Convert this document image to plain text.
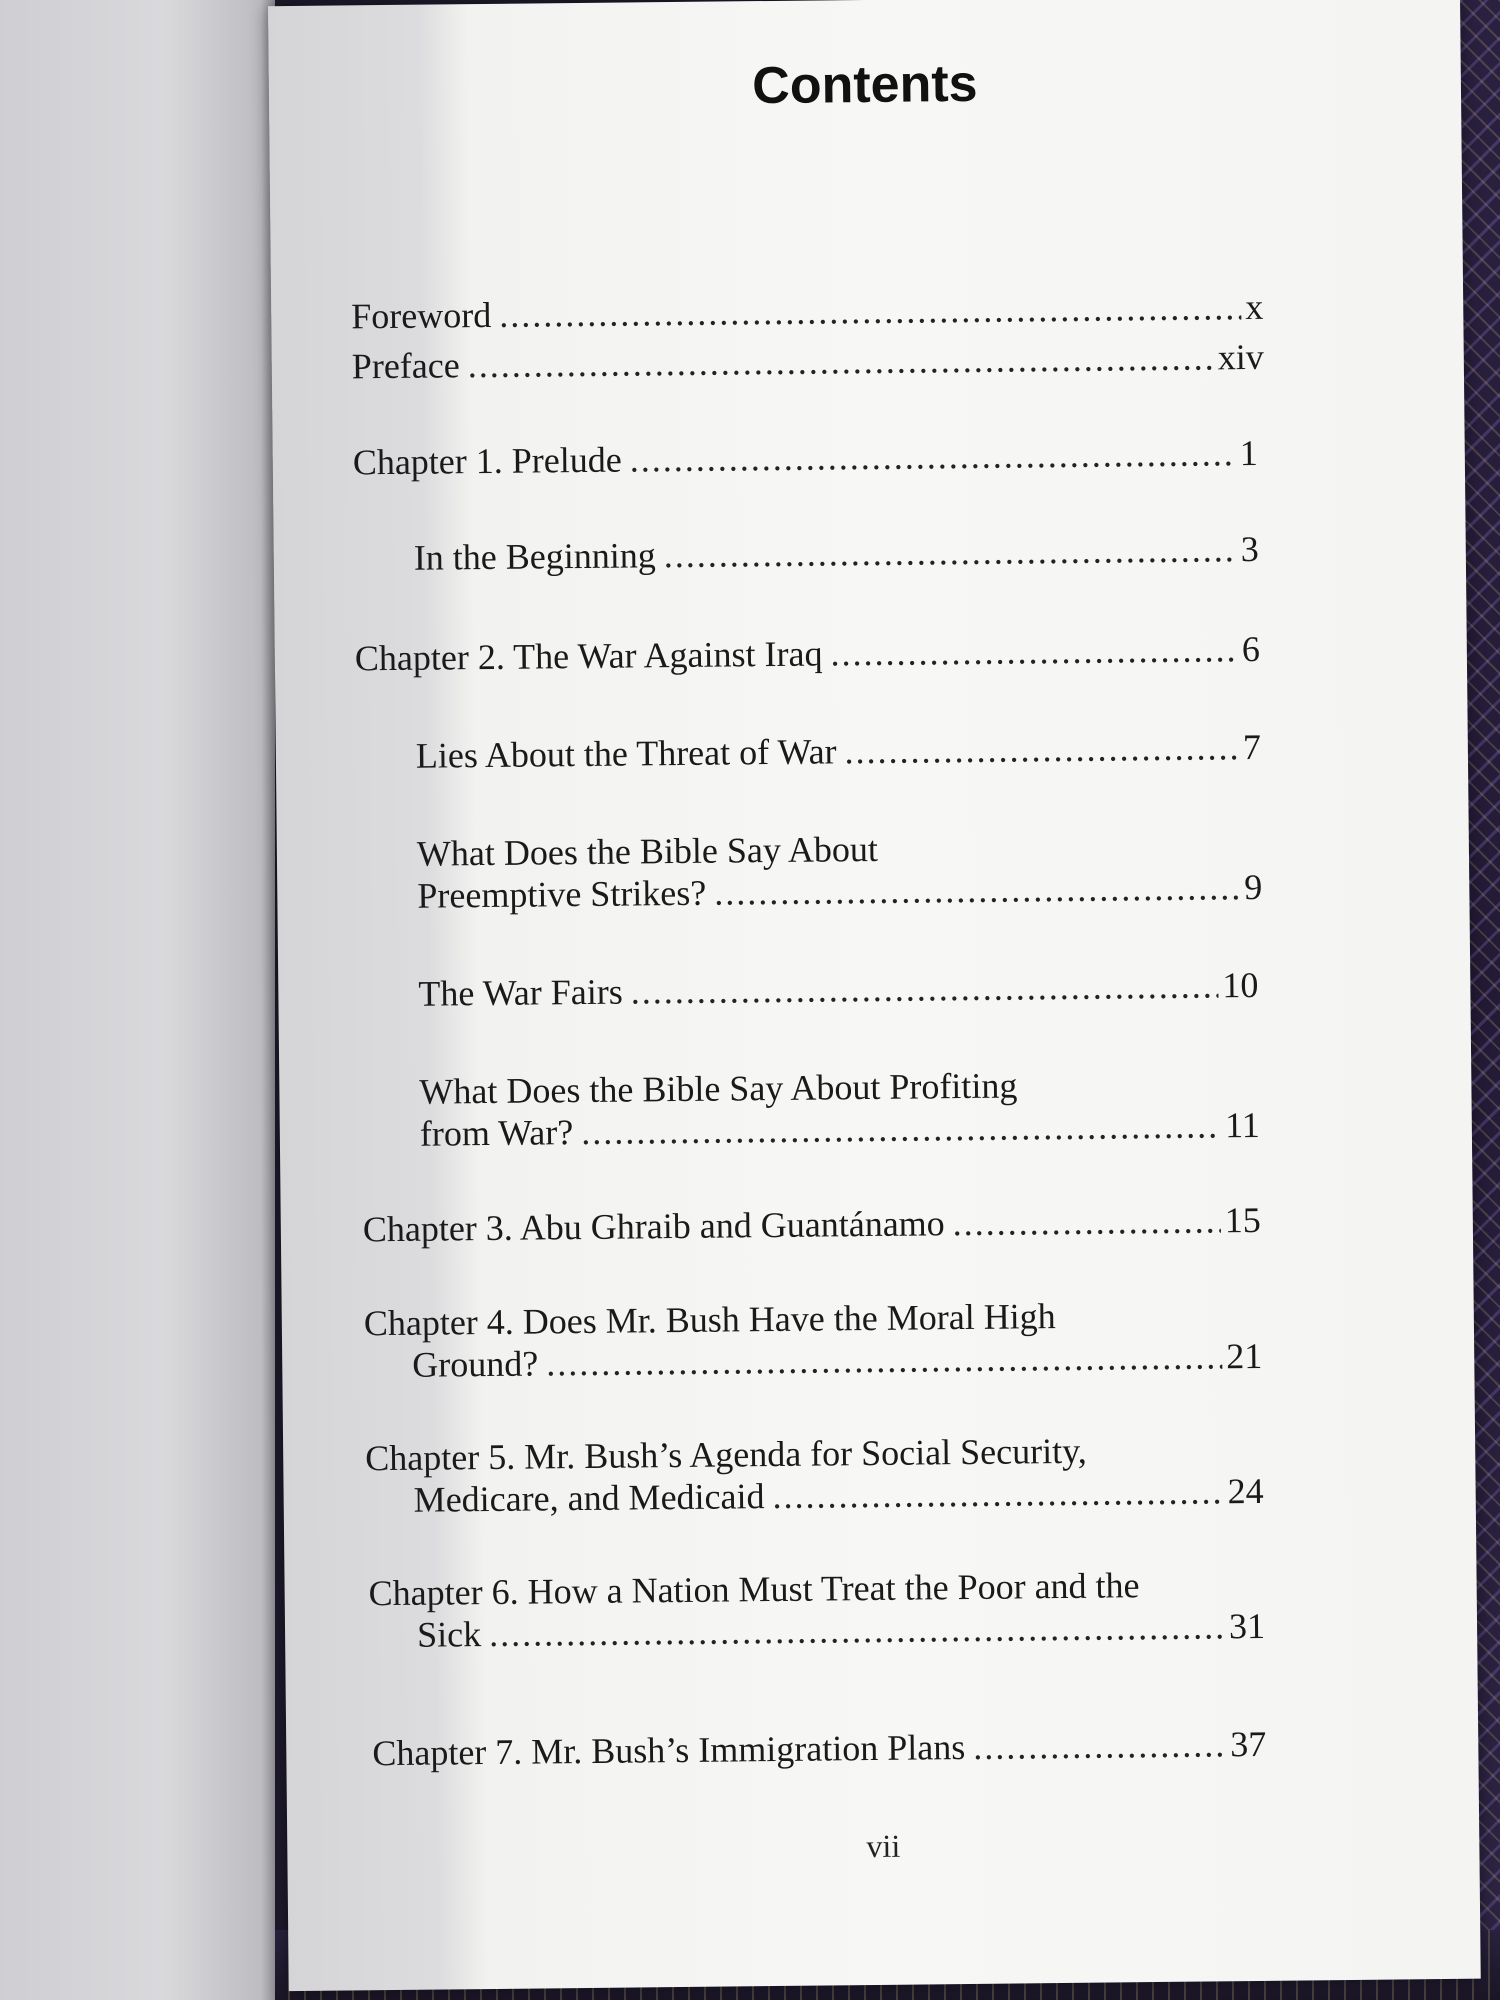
Contents
Foreword .....	x
Preface .....	xiv
Chapter 1. Prelude .....	1
In the Beginning .....	3
Chapter 2. The War Against Iraq .....	6
Lies About the Threat of War .....	7
What Does the Bible Say About
Preemptive Strikes? .....	9
The War Fairs .....	10
What Does the Bible Say About Profiting
from War? .....	11
Chapter 3. Abu Ghraib and Guantánamo .....	15
Chapter 4. Does Mr. Bush Have the Moral High
Ground? .....	21
Chapter 5. Mr. Bush’s Agenda for Social Security,
Medicare, and Medicaid .....	24
Chapter 6. How a Nation Must Treat the Poor and the
Sick .....	31
Chapter 7. Mr. Bush’s Immigration Plans .....	37
vii
